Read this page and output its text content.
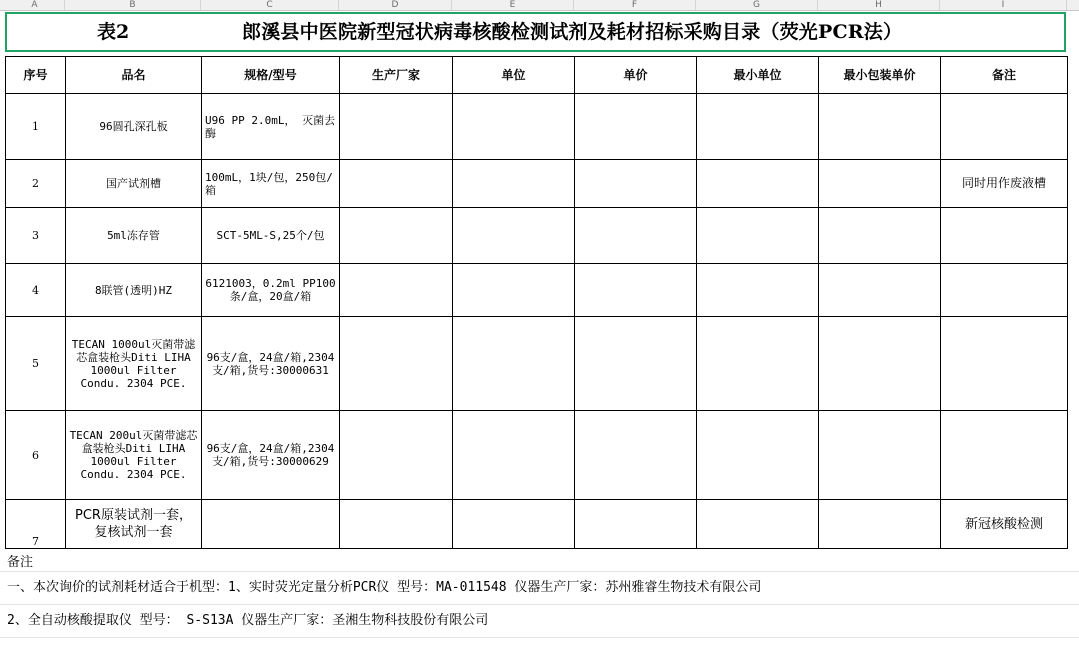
A	B	C	D	E	F	G	H	I
表2	郎溪县中医院新型冠状病毒核酸检测试剂及耗材招标采购目录（荧光PCR法）
序号	品名	规格/型号	生产厂家	单位	单价	最小单位	最小包装单价	备注
1	96圆孔深孔板	U96 PP 2.0mL， 灭菌去酶						
2	国产试剂槽	100mL，1块/包，250包/箱						同时用作废液槽
3	5ml冻存管	SCT-5ML-S,25个/包						
4	8联管(透明)HZ	6121003，0.2ml PP100条/盒，20盒/箱						
5	TECAN 1000ul灭菌带滤芯盒装枪头Diti LIHA 1000ul Filter Condu. 2304 PCE.	96支/盒，24盒/箱,2304支/箱,货号:30000631						
6	TECAN 200ul灭菌带滤芯盒装枪头Diti LIHA 1000ul Filter Condu. 2304 PCE.	96支/盒，24盒/箱,2304支/箱,货号:30000629						
7	PCR原装试剂一套，复核试剂一套							新冠核酸检测
备注
一、本次询价的试剂耗材适合于机型：1、实时荧光定量分析PCR仪 型号：MA-011548 仪器生产厂家：苏州雅睿生物技术有限公司
2、全自动核酸提取仪 型号： S-S13A 仪器生产厂家：圣湘生物科技股份有限公司
